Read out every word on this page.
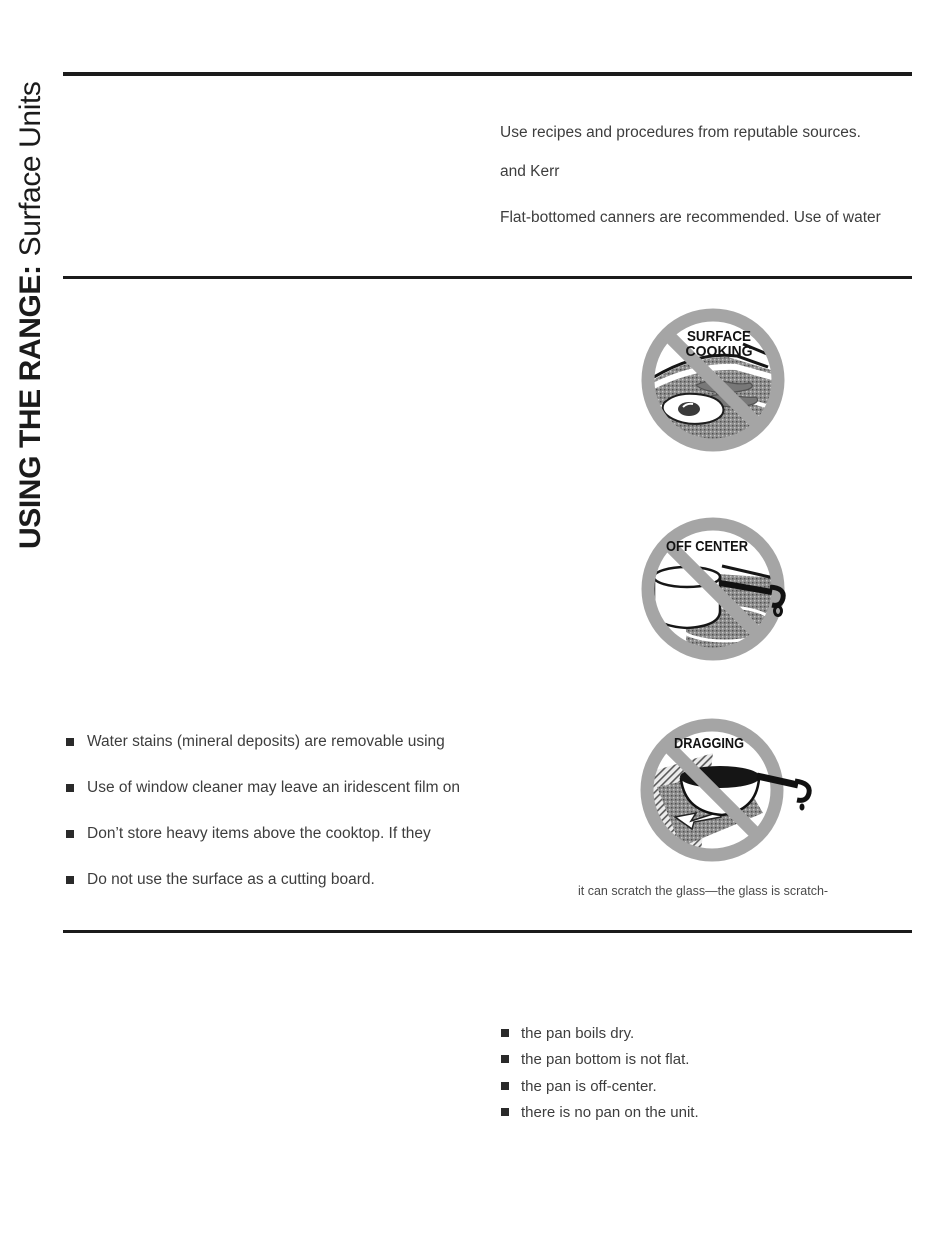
USING THE RANGE:Surface Units	Use recipes and procedures from reputable sources.
and Kerr
Flat-bottomed canners are recommended. Use of water
SURFACE
COOKING
OFF CENTER
DRAGGING
Water stains (mineral deposits) are removable using
Use of window cleaner may leave an iridescent film on
Don’t store heavy items above the cooktop. If they
Do not use the surface as a cutting board.
it can scratch the glass—the glass is scratch-
the pan boils dry.
the pan bottom is not flat.
the pan is off-center.
there is no pan on the unit.
